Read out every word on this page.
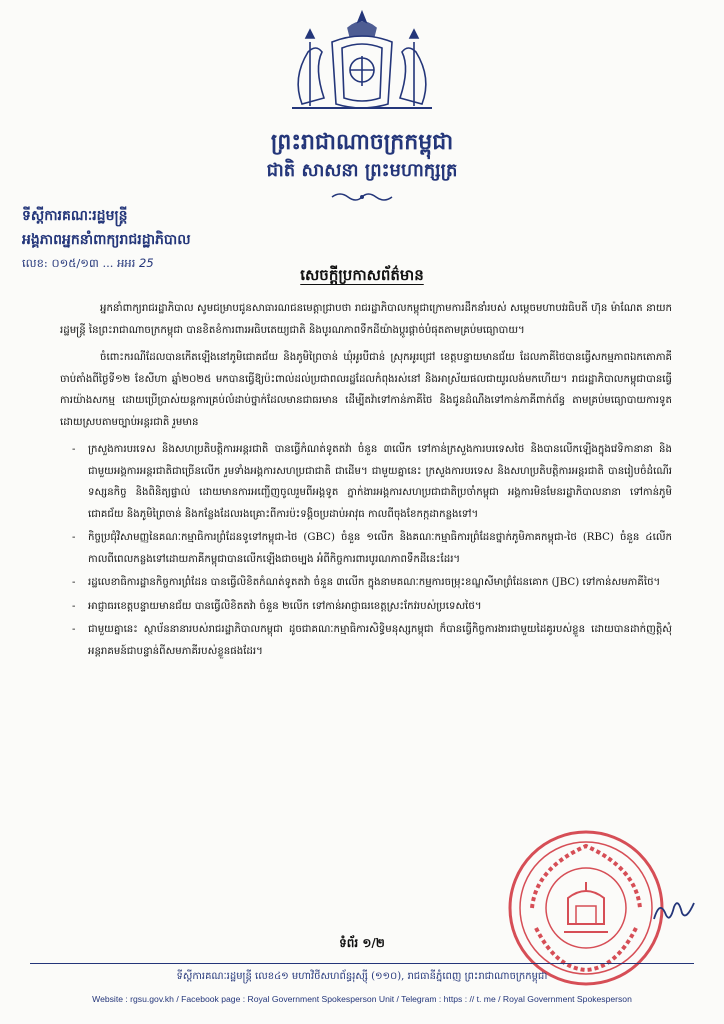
ព្រះរាជាណាចក្រកម្ពុជា
ជាតិ សាសនា ព្រះមហាក្សត្រ
ទីស្តីការគណៈរដ្ឋមន្ត្រី
អង្គភាពអ្នកនាំពាក្យរាជរដ្ឋាភិបាល
លេខ: ០១៥/១៣ ... អអរ 25
សេចក្តីប្រកាសព័ត៌មាន

អ្នកនាំពាក្យរាជរដ្ឋាភិបាល សូមជម្រាបជូនសាធារណជនមេត្តាជ្រាបថា រាជរដ្ឋាភិបាលកម្ពុជាក្រោមការដឹកនាំរបស់ សម្តេចមហាបវរធិបតី ហ៊ុន ម៉ាណែត នាយករដ្ឋមន្ត្រី នៃព្រះរាជាណាចក្រកម្ពុជា បានខិតខំការពារអធិបតេយ្យជាតិ និងបូរណភាពទឹកដីយ៉ាងប្តូរផ្តាច់បំផុតតាមគ្រប់មធ្យោបាយ។

ចំពោះករណីដែលបានកើតឡើងនៅភូមិជោគជ័យ និងភូមិព្រៃចាន់ ឃុំអូរបីជាន់ ស្រុកអូរជ្រៅ ខេត្តបន្ទាយមានជ័យ ដែលភាគីថៃបានធ្វើសកម្មភាពឯកតោភាគី ចាប់តាំងពីថ្ងៃទី១២ ខែសីហា ឆ្នាំ២០២៥ មកបានធ្វើឱ្យប៉ះពាល់ដល់ប្រជាពលរដ្ឋដែលកំពុងរស់នៅ និងអាស្រ័យផលជាយូរលង់មកហើយ។ រាជរដ្ឋាភិបាលកម្ពុជាបានធ្វើការយ៉ាងសកម្ម ដោយប្រើប្រាស់យន្តការគ្រប់លំដាប់ថ្នាក់ដែលមានជាធរមាន ដើម្បីតវ៉ាទៅកាន់ភាគីថៃ និងជូនដំណឹងទៅកាន់ភាគីពាក់ព័ន្ធ តាមគ្រប់មធ្យោបាយការទូតដោយស្របតាមច្បាប់អន្តរជាតិ រួមមាន

- ក្រសួងការបរទេស និងសហប្រតិបត្តិការអន្តរជាតិ បានធ្វើកំណត់ទូតតវ៉ា ចំនួន ៣លើក ទៅកាន់ក្រសួងការបរទេសថៃ និងបានលើកឡើងក្នុងវេទិកានានា និងជាមួយអង្គការអន្តរជាតិជាច្រើនលើក រួមទាំងអង្គការសហប្រជាជាតិ ជាដើម។ ជាមួយគ្នានេះ ក្រសួងការបរទេស និងសហប្រតិបត្តិការអន្តរជាតិ បានរៀបចំដំណើរទស្សនកិច្ច និងពិនិត្យផ្ទាល់ ដោយមានការអញ្ជើញចូលរួមពីអង្គទូត ភ្នាក់ងារអង្គការសហប្រជាជាតិប្រចាំកម្ពុជា អង្គការមិនមែនរដ្ឋាភិបាលនានា ទៅកាន់ភូមិជោគជ័យ និងភូមិព្រៃចាន់ និងកន្លែងដែលរងគ្រោះពីការប៉ះទង្គិចប្រដាប់អាវុធ កាលពីចុងខែកក្កដាកន្លងទៅ។
- កិច្ចប្រជុំវិសាមញ្ញនៃគណៈកម្មាធិការព្រំដែនទូទៅកម្ពុជា-ថៃ (GBC) ចំនួន ១លើក និងគណៈកម្មាធិការព្រំដែនថ្នាក់ភូមិភាគកម្ពុជា-ថៃ (RBC) ចំនួន ៤លើក កាលពីពេលកន្លងទៅដោយភាគីកម្ពុជាបានលើកឡើងជាចម្បង អំពីកិច្ចការពារបូរណភាពទឹកដីនេះដែរ។
- រដ្ឋលេខាធិការដ្ឋានកិច្ចការព្រំដែន បានធ្វើលិខិតកំណត់ទូតតវ៉ា ចំនួន ៣លើក ក្នុងនាមគណៈកម្មការចម្រុះខណ្ឌសីមាព្រំដែនគោក (JBC) ទៅកាន់សមភាគីថៃ។
- អាជ្ញាធរខេត្តបន្ទាយមានជ័យ បានធ្វើលិខិតតវ៉ា ចំនួន ២លើក ទៅកាន់អាជ្ញាធរខេត្តស្រះកែវរបស់ប្រទេសថៃ។
- ជាមួយគ្នានេះ ស្ថាប័ននានារបស់រាជរដ្ឋាភិបាលកម្ពុជា ដូចជាគណៈកម្មាធិការសិទ្ធិមនុស្សកម្ពុជា ក៏បានធ្វើកិច្ចការងារជាមួយដៃគូរបស់ខ្លួន ដោយបានដាក់ញត្តិសុំអន្តរាគមន៍ជាបន្ទាន់ពីសមភាគីរបស់ខ្លួនផងដែរ។
ទំព័រ ១/២
ទីស្តីការគណៈរដ្ឋមន្ត្រី លេខ៤១ មហាវិថីសហព័ន្ធរុស្ស៊ី (១១០), រាជធានីភ្នំពេញ ព្រះរាជាណាចក្រកម្ពុជា
Website : rgsu.gov.kh / Facebook page : Royal Government Spokesperson Unit / Telegram : https : // t. me / Royal Government Spokesperson
